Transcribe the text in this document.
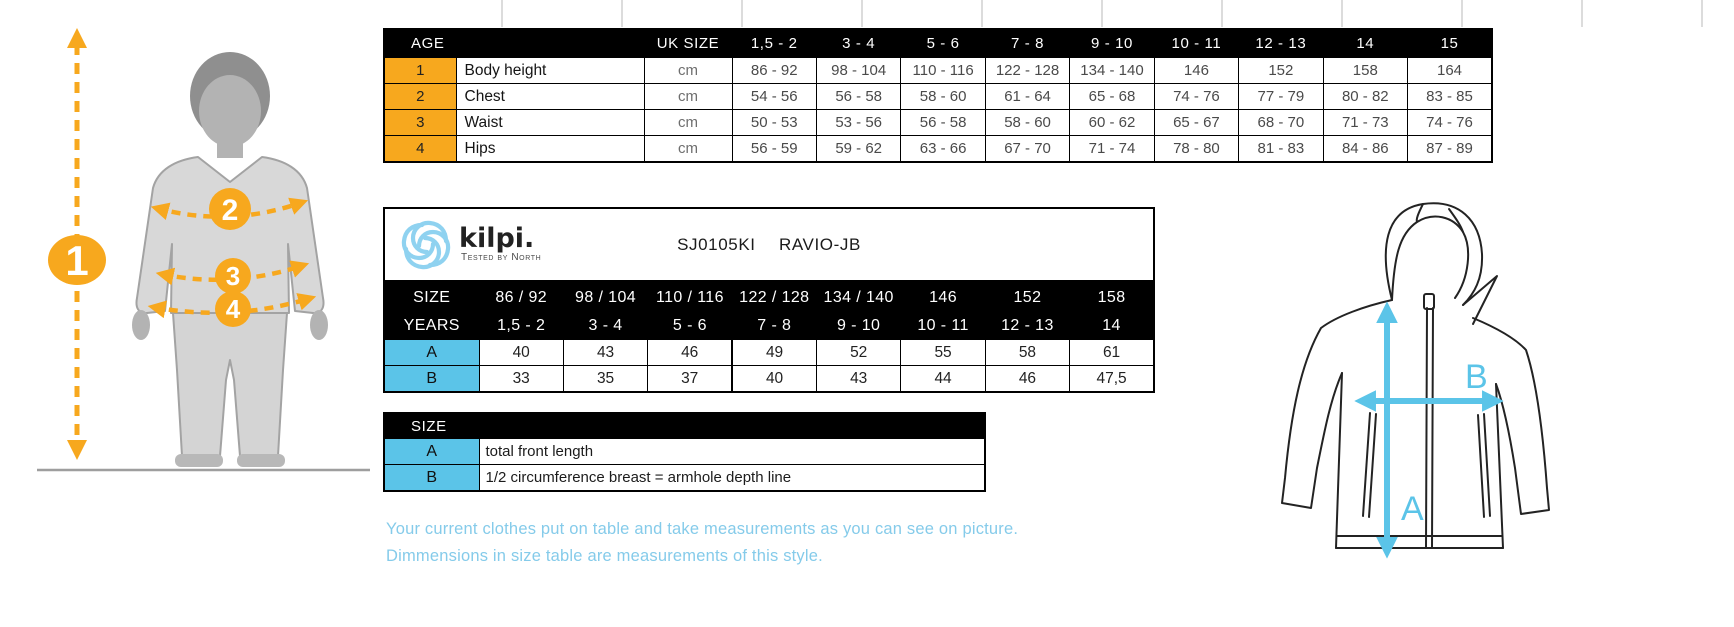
1
2
3
4
AGE		UK SIZE	1,5 - 2	3 - 4	5 - 6	7 - 8	9 - 10	10 - 11	12 - 13	14	15
1	Body height	cm	86 - 92	98 - 104	110 - 116	122 - 128	134 - 140	146	152	158	164
2	Chest	cm	54 - 56	56 - 58	58 - 60	61 - 64	65 - 68	74 - 76	77 - 79	80 - 82	83 - 85
3	Waist	cm	50 - 53	53 - 56	56 - 58	58 - 60	60 - 62	65 - 67	68 - 70	71 - 73	74 - 76
4	Hips	cm	56 - 59	59 - 62	63 - 66	67 - 70	71 - 74	78 - 80	81 - 83	84 - 86	87 - 89
kilpi.
Tested by North
SJ0105KI RAVIO-JB
SIZE	86 / 92	98 / 104	110 / 116	122 / 128	134 / 140	146	152	158
YEARS	1,5 - 2	3 - 4	5 - 6	7 - 8	9 - 10	10 - 11	12 - 13	14
A	40	43	46	49	52	55	58	61
B	33	35	37	40	43	44	46	47,5
SIZE	
A	total front length
B	1/2 circumference breast = armhole depth line
Your current clothes put on table and take measurements as you can see on picture.
Dimmensions in size table are measurements of this style.
A
B
